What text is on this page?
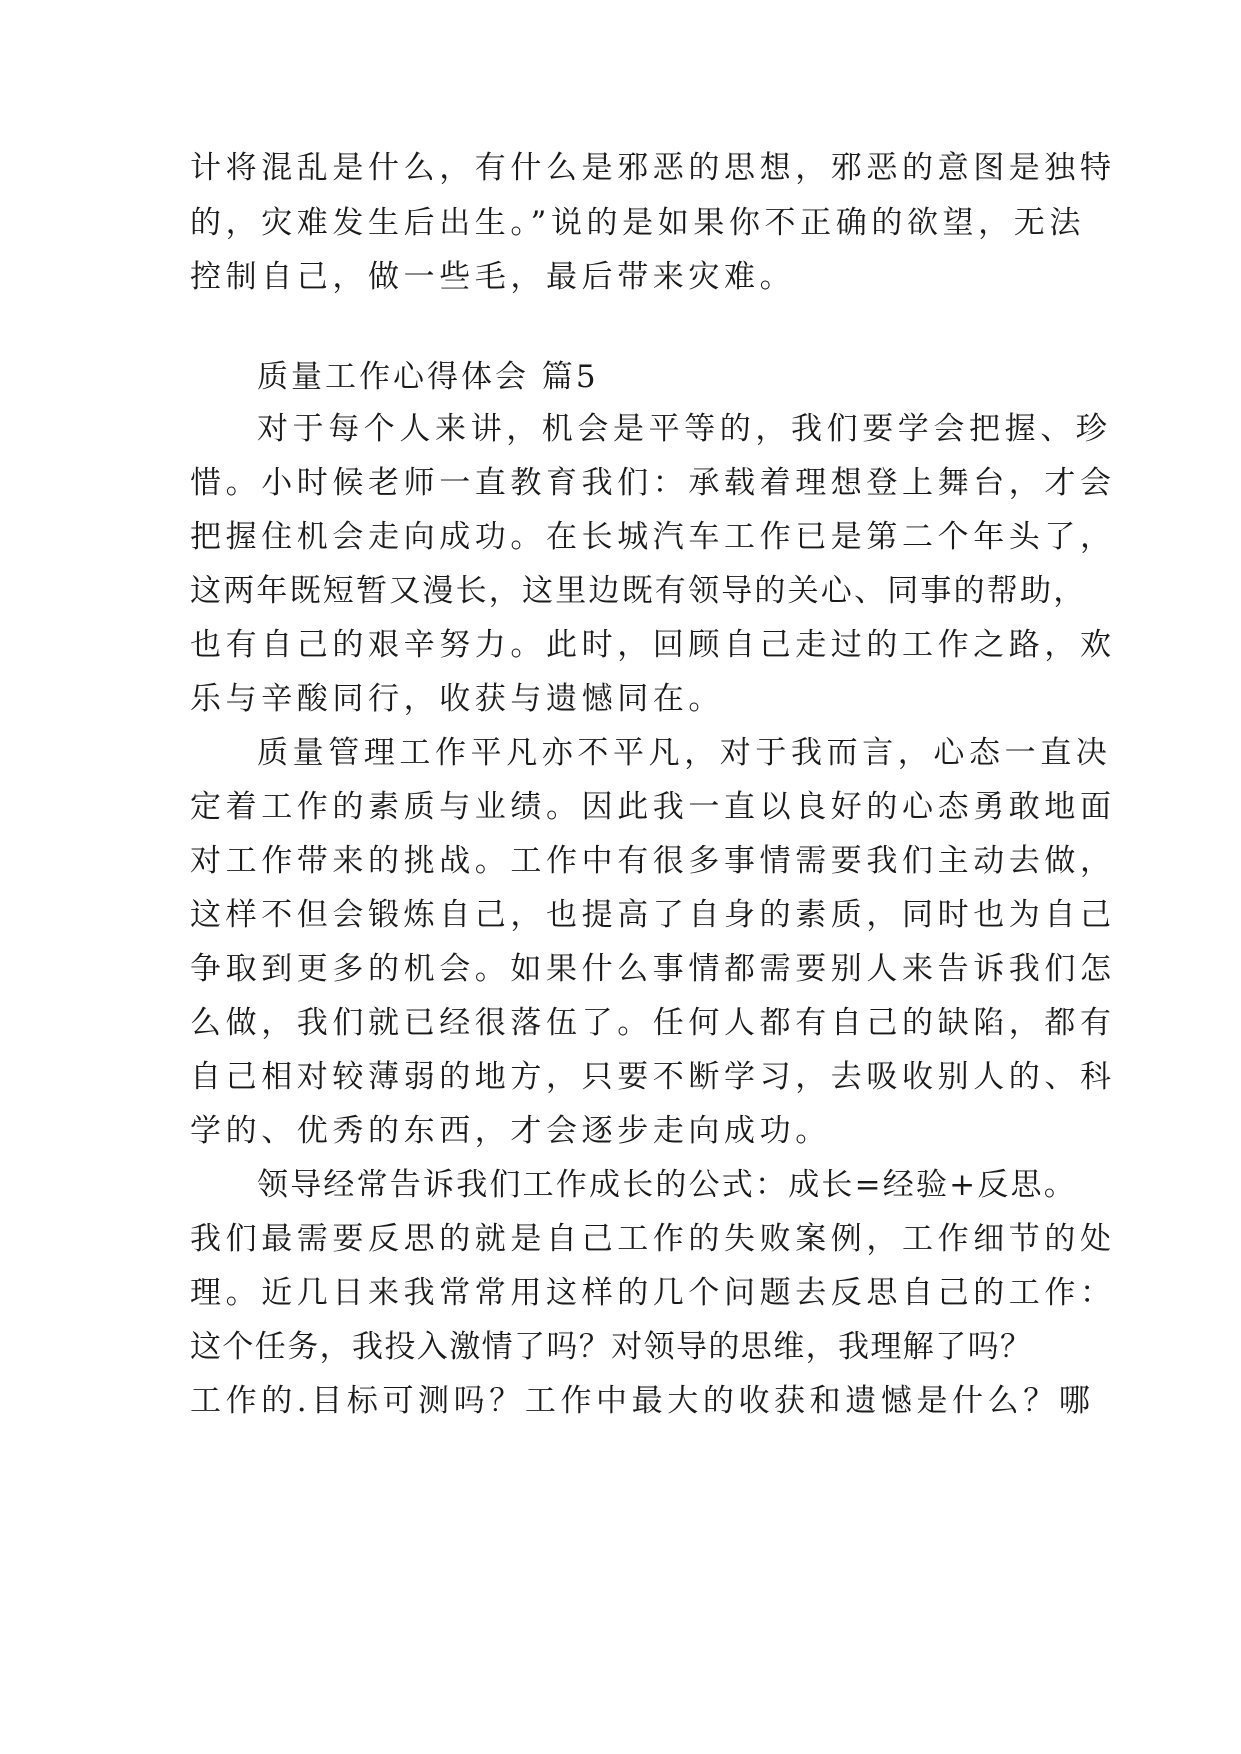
计将混乱是什么，有什么是邪恶的思想，邪恶的意图是独特
的，灾难发生后出生。”说的是如果你不正确的欲望，无法
控制自己，做一些毛，最后带来灾难。
质量工作心得体会 篇5
对于每个人来讲，机会是平等的，我们要学会把握、珍
惜。小时候老师一直教育我们：承载着理想登上舞台，才会
把握住机会走向成功。在长城汽车工作已是第二个年头了，
这两年既短暂又漫长，这里边既有领导的关心、同事的帮助，
也有自己的艰辛努力。此时，回顾自己走过的工作之路，欢
乐与辛酸同行，收获与遗憾同在。
质量管理工作平凡亦不平凡，对于我而言，心态一直决
定着工作的素质与业绩。因此我一直以良好的心态勇敢地面
对工作带来的挑战。工作中有很多事情需要我们主动去做，
这样不但会锻炼自己，也提高了自身的素质，同时也为自己
争取到更多的机会。如果什么事情都需要别人来告诉我们怎
么做，我们就已经很落伍了。任何人都有自己的缺陷，都有
自己相对较薄弱的地方，只要不断学习，去吸收别人的、科
学的、优秀的东西，才会逐步走向成功。
领导经常告诉我们工作成长的公式：成长=经验+反思。
我们最需要反思的就是自己工作的失败案例，工作细节的处
理。近几日来我常常用这样的几个问题去反思自己的工作：
这个任务，我投入激情了吗？对领导的思维，我理解了吗？
工作的.目标可测吗？工作中最大的收获和遗憾是什么？哪
